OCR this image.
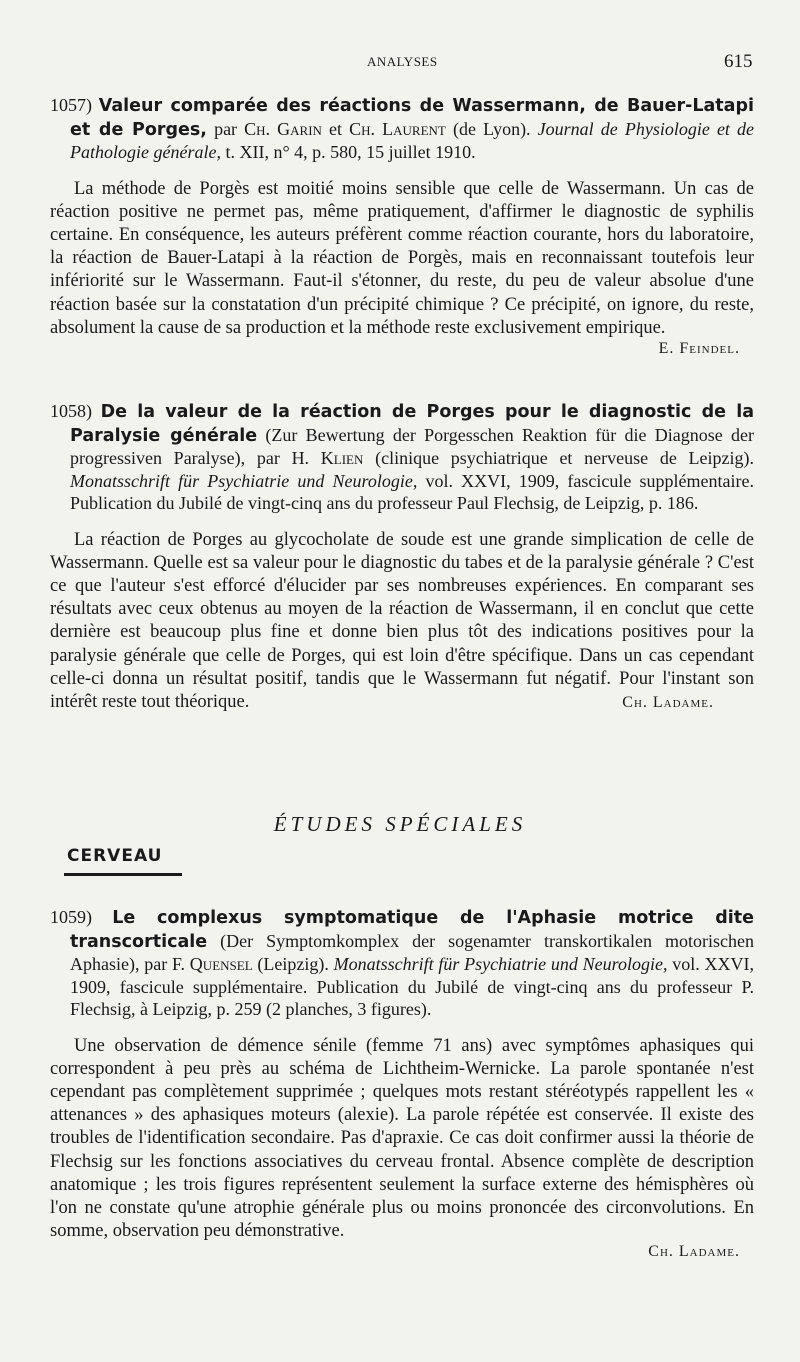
ANALYSES	615
1057) Valeur comparée des réactions de Wassermann, de Bauer-Latapi et de Porges, par Ch. Garin et Ch. Laurent (de Lyon). Journal de Physiologie et de Pathologie générale, t. XII, n° 4, p. 580, 15 juillet 1910.
La méthode de Porgès est moitié moins sensible que celle de Wassermann. Un cas de réaction positive ne permet pas, même pratiquement, d'affirmer le diagnostic de syphilis certaine. En conséquence, les auteurs préfèrent comme réaction courante, hors du laboratoire, la réaction de Bauer-Latapi à la réaction de Porgès, mais en reconnaissant toutefois leur infériorité sur le Wassermann. Faut-il s'étonner, du reste, du peu de valeur absolue d'une réaction basée sur la constatation d'un précipité chimique ? Ce précipité, on ignore, du reste, absolument la cause de sa production et la méthode reste exclusivement empirique.
E. Feindel.
1058) De la valeur de la réaction de Porges pour le diagnostic de la Paralysie générale (Zur Bewertung der Porgesschen Reaktion für die Diagnose der progressiven Paralyse), par H. Klien (clinique psychiatrique et nerveuse de Leipzig). Monatsschrift für Psychiatrie und Neurologie, vol. XXVI, 1909, fascicule supplémentaire. Publication du Jubilé de vingt-cinq ans du professeur Paul Flechsig, de Leipzig, p. 186.
La réaction de Porges au glycocholate de soude est une grande simplication de celle de Wassermann. Quelle est sa valeur pour le diagnostic du tabes et de la paralysie générale ? C'est ce que l'auteur s'est efforcé d'élucider par ses nombreuses expériences. En comparant ses résultats avec ceux obtenus au moyen de la réaction de Wassermann, il en conclut que cette dernière est beaucoup plus fine et donne bien plus tôt des indications positives pour la paralysie générale que celle de Porges, qui est loin d'être spécifique. Dans un cas cependant celle-ci donna un résultat positif, tandis que le Wassermann fut négatif. Pour l'instant son intérêt reste tout théorique.	Ch. Ladame.
ÉTUDES SPÉCIALES
CERVEAU
1059) Le complexus symptomatique de l'Aphasie motrice dite transcorticale (Der Symptomkomplex der sogenamter transkortikalen motorischen Aphasie), par F. Quensel (Leipzig). Monatsschrift für Psychiatrie und Neurologie, vol. XXVI, 1909, fascicule supplémentaire. Publication du Jubilé de vingt-cinq ans du professeur P. Flechsig, à Leipzig, p. 259 (2 planches, 3 figures).
Une observation de démence sénile (femme 71 ans) avec symptômes aphasiques qui correspondent à peu près au schéma de Lichtheim-Wernicke. La parole spontanée n'est cependant pas complètement supprimée ; quelques mots restant stéréotypés rappellent les « attenances » des aphasiques moteurs (alexie). La parole répétée est conservée. Il existe des troubles de l'identification secondaire. Pas d'apraxie. Ce cas doit confirmer aussi la théorie de Flechsig sur les fonctions associatives du cerveau frontal. Absence complète de description anatomique ; les trois figures représentent seulement la surface externe des hémisphères où l'on ne constate qu'une atrophie générale plus ou moins prononcée des circonvolutions. En somme, observation peu démonstrative.
Ch. Ladame.
